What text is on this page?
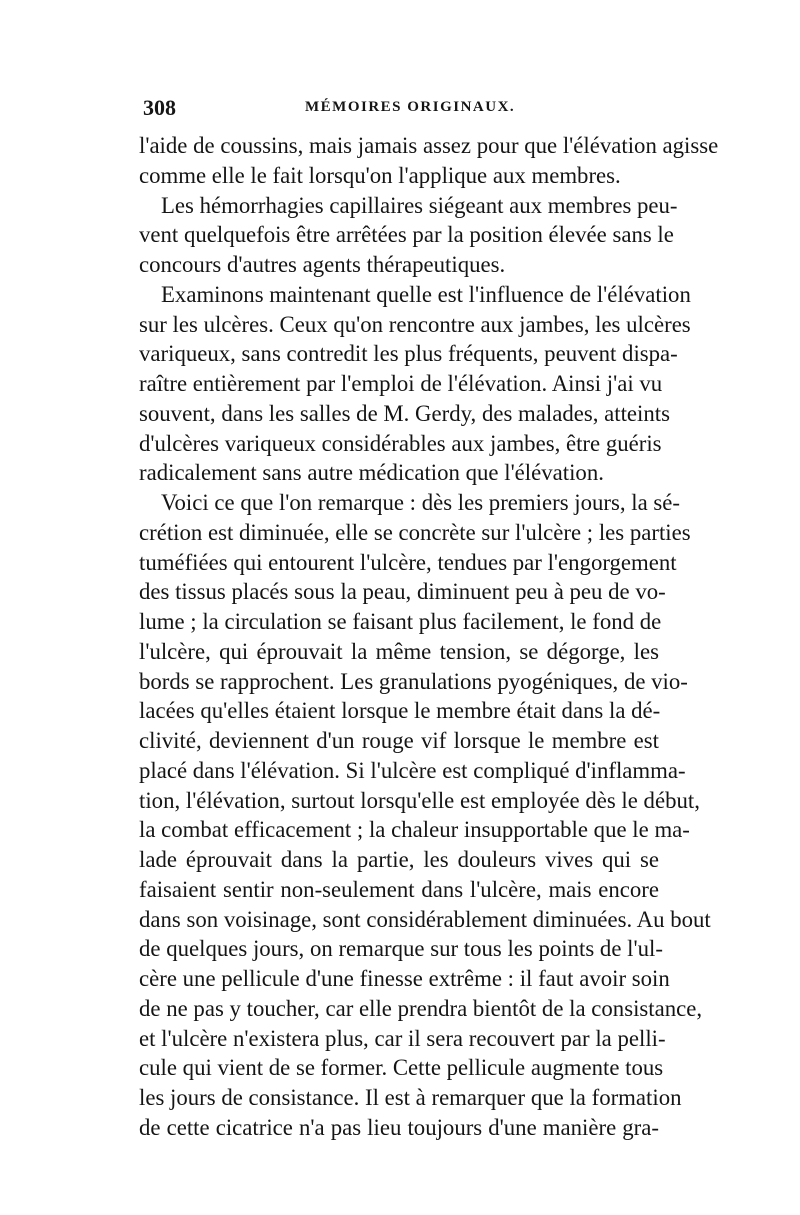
308	MÉMOIRES ORIGINAUX.
l'aide de coussins, mais jamais assez pour que l'élévation agisse
comme elle le fait lorsqu'on l'applique aux membres.
Les hémorrhagies capillaires siégeant aux membres peu-
vent quelquefois être arrêtées par la position élevée sans le
concours d'autres agents thérapeutiques.
Examinons maintenant quelle est l'influence de l'élévation
sur les ulcères. Ceux qu'on rencontre aux jambes, les ulcères
variqueux, sans contredit les plus fréquents, peuvent dispa-
raître entièrement par l'emploi de l'élévation. Ainsi j'ai vu
souvent, dans les salles de M. Gerdy, des malades, atteints
d'ulcères variqueux considérables aux jambes, être guéris
radicalement sans autre médication que l'élévation.
Voici ce que l'on remarque : dès les premiers jours, la sé-
crétion est diminuée, elle se concrète sur l'ulcère ; les parties
tuméfiées qui entourent l'ulcère, tendues par l'engorgement
des tissus placés sous la peau, diminuent peu à peu de vo-
lume ; la circulation se faisant plus facilement, le fond de
l'ulcère, qui éprouvait la même tension, se dégorge, les
bords se rapprochent. Les granulations pyogéniques, de vio-
lacées qu'elles étaient lorsque le membre était dans la dé-
clivité, deviennent d'un rouge vif lorsque le membre est
placé dans l'élévation. Si l'ulcère est compliqué d'inflamma-
tion, l'élévation, surtout lorsqu'elle est employée dès le début,
la combat efficacement ; la chaleur insupportable que le ma-
lade éprouvait dans la partie, les douleurs vives qui se
faisaient sentir non-seulement dans l'ulcère, mais encore
dans son voisinage, sont considérablement diminuées. Au bout
de quelques jours, on remarque sur tous les points de l'ul-
cère une pellicule d'une finesse extrême : il faut avoir soin
de ne pas y toucher, car elle prendra bientôt de la consistance,
et l'ulcère n'existera plus, car il sera recouvert par la pelli-
cule qui vient de se former. Cette pellicule augmente tous
les jours de consistance. Il est à remarquer que la formation
de cette cicatrice n'a pas lieu toujours d'une manière gra-
